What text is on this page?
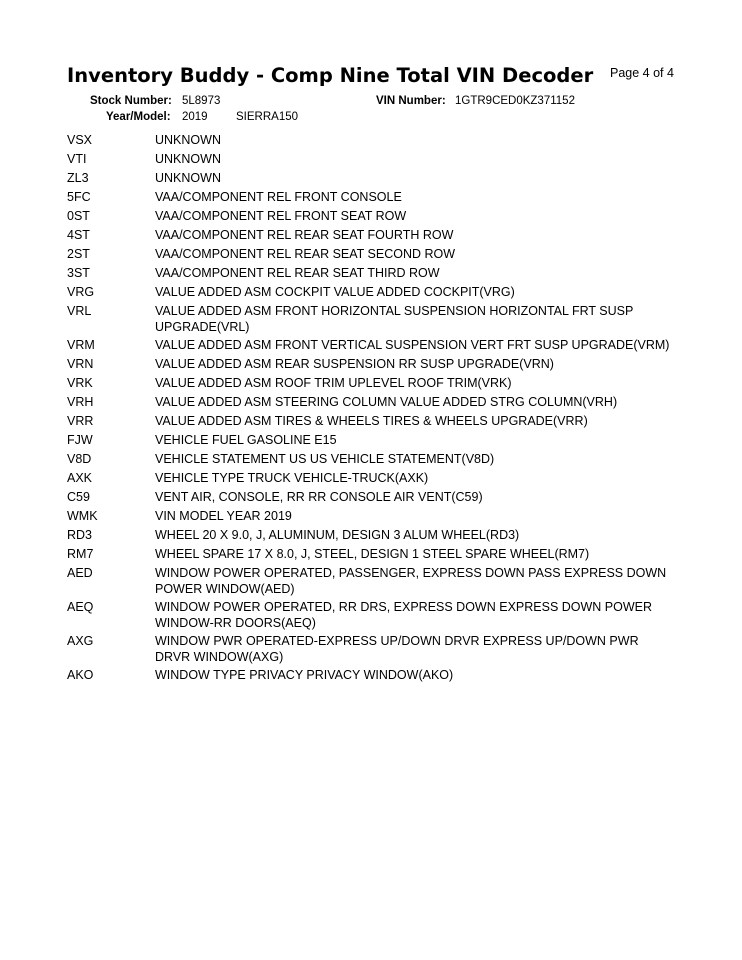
Inventory Buddy - Comp Nine Total VIN Decoder Page 4 of 4
Stock Number: 5L8973	VIN Number: 1GTR9CED0KZ371152
Year/Model: 2019 SIERRA150
VSX	UNKNOWN
VTI	UNKNOWN
ZL3	UNKNOWN
5FC	VAA/COMPONENT REL FRONT CONSOLE
0ST	VAA/COMPONENT REL FRONT SEAT ROW
4ST	VAA/COMPONENT REL REAR SEAT FOURTH ROW
2ST	VAA/COMPONENT REL REAR SEAT SECOND ROW
3ST	VAA/COMPONENT REL REAR SEAT THIRD ROW
VRG	VALUE ADDED ASM COCKPIT VALUE ADDED COCKPIT(VRG)
VRL	VALUE ADDED ASM FRONT HORIZONTAL SUSPENSION HORIZONTAL FRT SUSP UPGRADE(VRL)
VRM	VALUE ADDED ASM FRONT VERTICAL SUSPENSION VERT FRT SUSP UPGRADE(VRM)
VRN	VALUE ADDED ASM REAR SUSPENSION RR SUSP UPGRADE(VRN)
VRK	VALUE ADDED ASM ROOF TRIM UPLEVEL ROOF TRIM(VRK)
VRH	VALUE ADDED ASM STEERING COLUMN VALUE ADDED STRG COLUMN(VRH)
VRR	VALUE ADDED ASM TIRES & WHEELS TIRES & WHEELS UPGRADE(VRR)
FJW	VEHICLE FUEL GASOLINE E15
V8D	VEHICLE STATEMENT US US VEHICLE STATEMENT(V8D)
AXK	VEHICLE TYPE TRUCK VEHICLE-TRUCK(AXK)
C59	VENT AIR, CONSOLE, RR RR CONSOLE AIR VENT(C59)
WMK	VIN MODEL YEAR 2019
RD3	WHEEL 20 X 9.0, J, ALUMINUM, DESIGN 3 ALUM WHEEL(RD3)
RM7	WHEEL SPARE 17 X 8.0, J, STEEL, DESIGN 1 STEEL SPARE WHEEL(RM7)
AED	WINDOW POWER OPERATED, PASSENGER, EXPRESS DOWN PASS EXPRESS DOWN POWER WINDOW(AED)
AEQ	WINDOW POWER OPERATED, RR DRS, EXPRESS DOWN EXPRESS DOWN POWER WINDOW-RR DOORS(AEQ)
AXG	WINDOW PWR OPERATED-EXPRESS UP/DOWN DRVR EXPRESS UP/DOWN PWR DRVR WINDOW(AXG)
AKO	WINDOW TYPE PRIVACY PRIVACY WINDOW(AKO)
